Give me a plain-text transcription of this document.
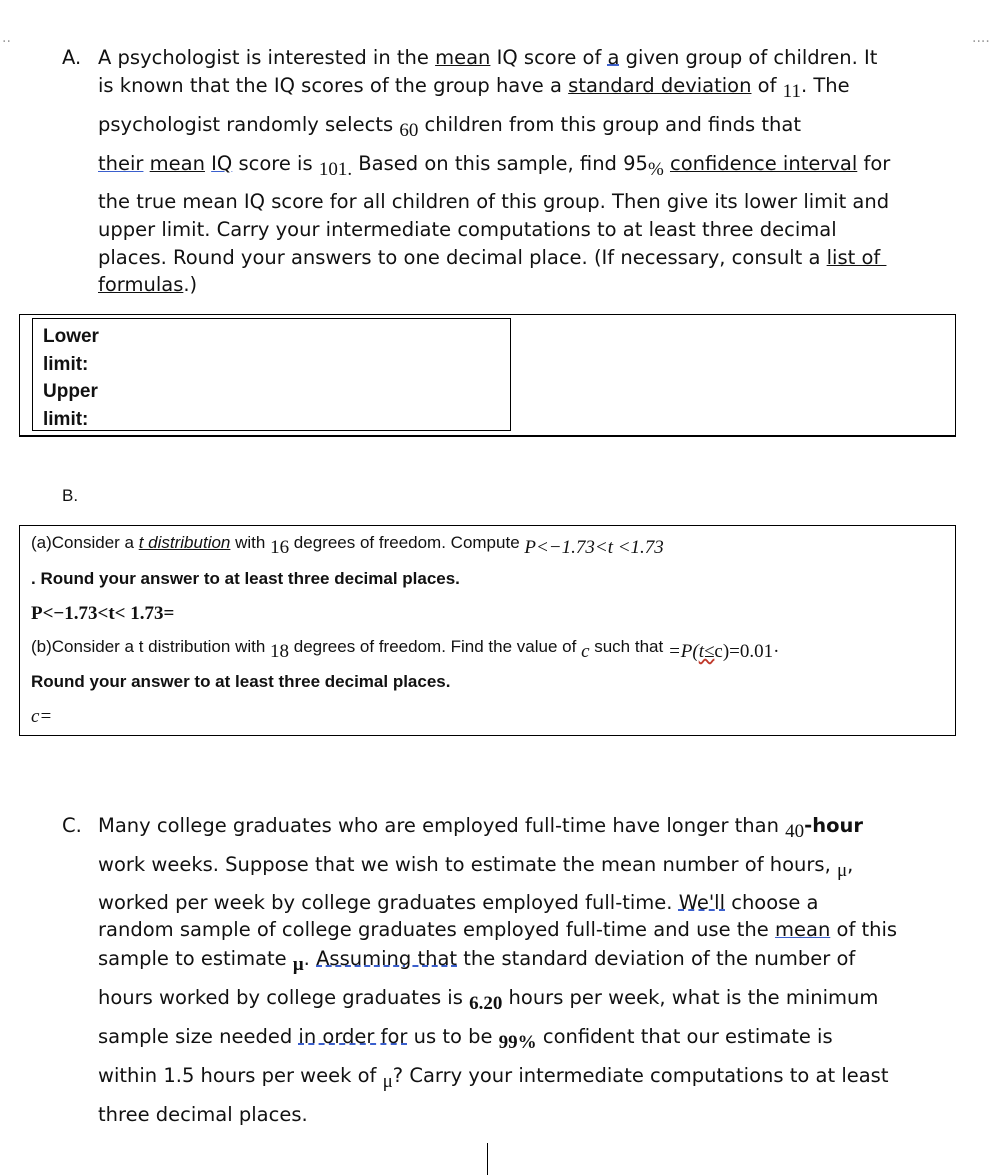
..	....
A. A psychologist is interested in the mean IQ score of a given group of children. It
is known that the IQ scores of the group have a standard deviation of 11. The
psychologist randomly selects 60 children from this group and finds that
their mean IQ score is 101. Based on this sample, find 95% confidence interval for
the true mean IQ score for all children of this group. Then give its lower limit and
upper limit. Carry your intermediate computations to at least three decimal
places. Round your answers to one decimal place. (If necessary, consult a list of
formulas.)
Lower
limit:
Upper
limit:
B.
(a)Consider a t distribution with 16 degrees of freedom. Compute P<−1.73<t <1.73
. Round your answer to at least three decimal places.
P<−1.73<t< 1.73=
(b)Consider a t distribution with 18 degrees of freedom. Find the value of c such that =P(t≤c)=0.01·
Round your answer to at least three decimal places.
c=
C. Many college graduates who are employed full-time have longer than 40-hour
work weeks. Suppose that we wish to estimate the mean number of hours, μ,
worked per week by college graduates employed full-time. We'll choose a
random sample of college graduates employed full-time and use the mean of this
sample to estimate μ. Assuming that the standard deviation of the number of
hours worked by college graduates is 6.20 hours per week, what is the minimum
sample size needed in order for us to be 99% confident that our estimate is
within 1.5 hours per week of μ? Carry your intermediate computations to at least
three decimal places.
